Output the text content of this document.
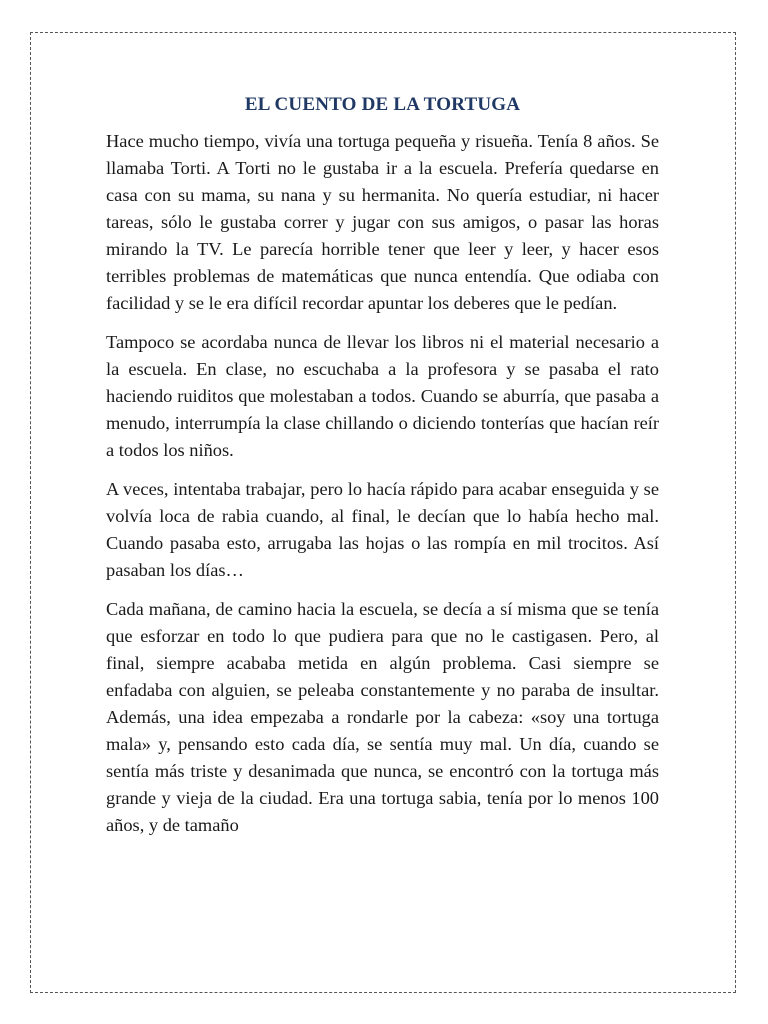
EL CUENTO DE LA TORTUGA

Hace mucho tiempo, vivía una tortuga pequeña y risueña. Tenía 8 años. Se llamaba Torti. A Torti no le gustaba ir a la escuela. Prefería quedarse en casa con su mama, su nana y su hermanita. No quería estudiar, ni hacer tareas, sólo le gustaba correr y jugar con sus amigos, o pasar las horas mirando la TV. Le parecía horrible tener que leer y leer, y hacer esos terribles problemas de matemáticas que nunca entendía. Que odiaba con facilidad y se le era difícil recordar apuntar los deberes que le pedían.

Tampoco se acordaba nunca de llevar los libros ni el material necesario a la escuela. En clase, no escuchaba a la profesora y se pasaba el rato haciendo ruiditos que molestaban a todos. Cuando se aburría, que pasaba a menudo, interrumpía la clase chillando o diciendo tonterías que hacían reír a todos los niños.

A veces, intentaba trabajar, pero lo hacía rápido para acabar enseguida y se volvía loca de rabia cuando, al final, le decían que lo había hecho mal. Cuando pasaba esto, arrugaba las hojas o las rompía en mil trocitos. Así pasaban los días…

Cada mañana, de camino hacia la escuela, se decía a sí misma que se tenía que esforzar en todo lo que pudiera para que no le castigasen. Pero, al final, siempre acababa metida en algún problema. Casi siempre se enfadaba con alguien, se peleaba constantemente y no paraba de insultar. Además, una idea empezaba a rondarle por la cabeza: «soy una tortuga mala» y, pensando esto cada día, se sentía muy mal. Un día, cuando se sentía más triste y desanimada que nunca, se encontró con la tortuga más grande y vieja de la ciudad. Era una tortuga sabia, tenía por lo menos 100 años, y de tamaño
